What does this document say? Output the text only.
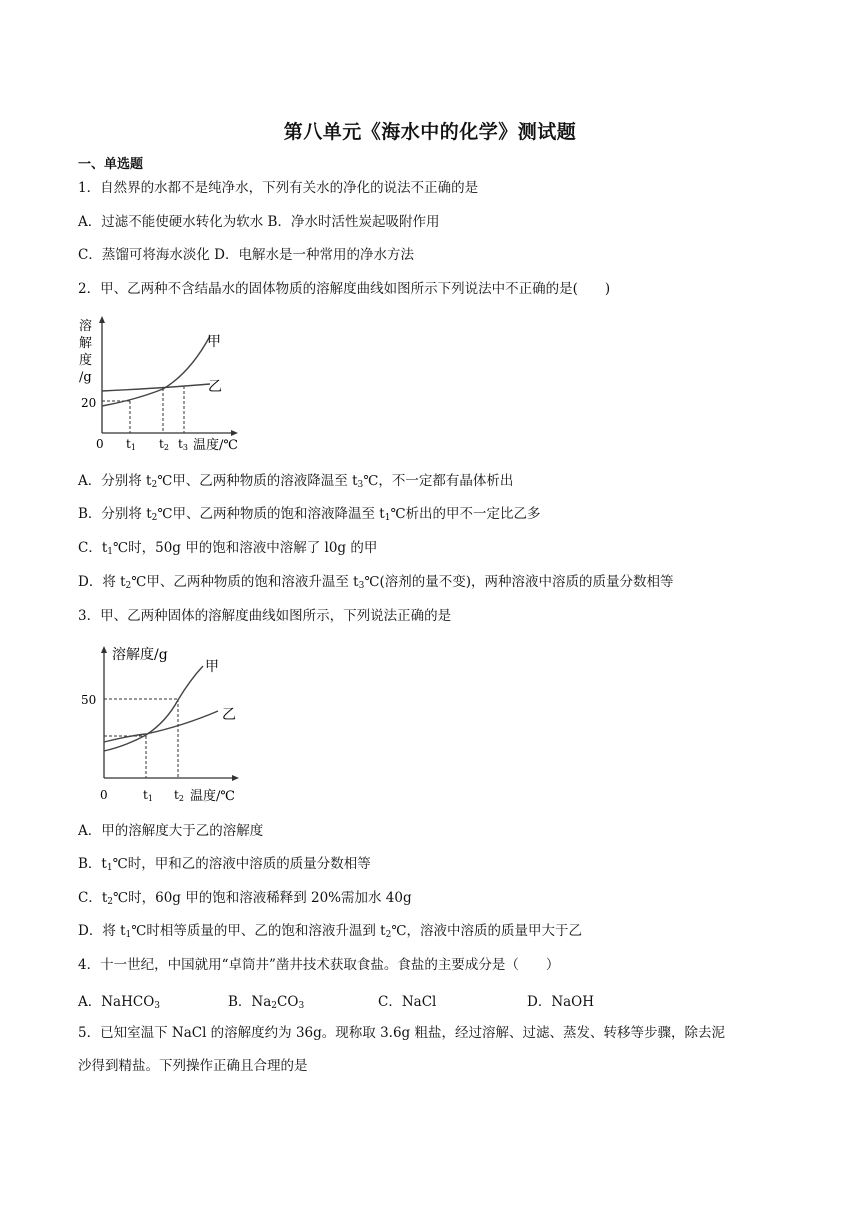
第八单元《海水中的化学》测试题
一、单选题
1．自然界的水都不是纯净水，下列有关水的净化的说法不正确的是
A．过滤不能使硬水转化为软水 B．净水时活性炭起吸附作用
C．蒸馏可将海水淡化 D．电解水是一种常用的净水方法
2．甲、乙两种不含结晶水的固体物质的溶解度曲线如图所示下列说法中不正确的是(　　)
溶
解
度
/g
20
甲
乙
0 t1 t2 t3 温度/℃
A．分别将 $t_2℃$甲、乙两种物质的溶液降温至 $t_3℃$，不一定都有晶体析出
B．分别将 $t_2℃$甲、乙两种物质的饱和溶液降温至 $t_1℃$析出的甲不一定比乙多
C．$t_1℃$时，50g 甲的饱和溶液中溶解了 l0g 的甲
D．将 $t_2℃$甲、乙两种物质的饱和溶液升温至 $t_3℃$(溶剂的量不变)，两种溶液中溶质的质量分数相等
3．甲、乙两种固体的溶解度曲线如图所示，下列说法正确的是
溶解度/g
50
甲
乙
0	t1 t2 温度/℃
A．甲的溶解度大于乙的溶解度
B．$t_1℃$时，甲和乙的溶液中溶质的质量分数相等
C．$t_2℃$时，60g 甲的饱和溶液稀释到 20%需加水 40g
D．将 $t_1℃$时相等质量的甲、乙的饱和溶液升温到 $t_2℃$，溶液中溶质的质量甲大于乙
4．十一世纪，中国就用“卓筒井”凿井技术获取食盐。食盐的主要成分是（　　）
A．NaHCO$_3$	B．$Na_2CO_3$	C．NaCl	D．NaOH
5．已知室温下 NaCl 的溶解度约为 36g。现称取 3.6g 粗盐，经过溶解、过滤、蒸发、转移等步骤，除去泥
沙得到精盐。下列操作正确且合理的是
